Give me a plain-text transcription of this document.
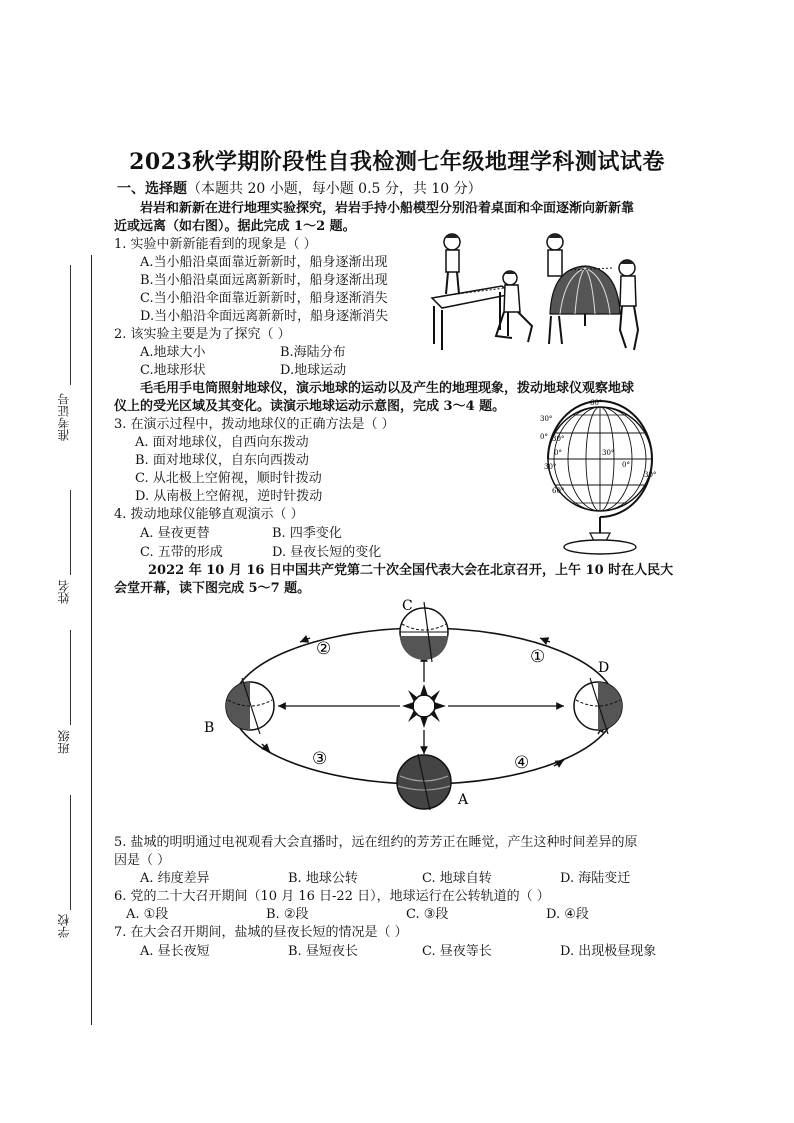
准考证号
姓名
班级
学校
2023秋学期阶段性自我检测七年级地理学科测试试卷
一、选择题（本题共 20 小题，每小题 0.5 分，共 10 分）
岩岩和新新在进行地理实验探究，岩岩手持小船模型分别沿着桌面和伞面逐渐向新新靠
近或远离（如右图）。据此完成 1～2 题。
1. 实验中新新能看到的现象是（ ）
A.当小船沿桌面靠近新新时，船身逐渐出现
B.当小船沿桌面远离新新时，船身逐渐出现
C.当小船沿伞面靠近新新时，船身逐渐消失
D.当小船沿伞面远离新新时，船身逐渐消失
2. 该实验主要是为了探究（ ）
A.地球大小	B.海陆分布
C.地球形状	D.地球运动
毛毛用手电筒照射地球仪，演示地球的运动以及产生的地理现象，拨动地球仪观察地球
仪上的受光区域及其变化。读演示地球运动示意图，完成 3～4 题。
3. 在演示过程中，拨动地球仪的正确方法是（ ）
A. 面对地球仪，自西向东拨动
B. 面对地球仪，自东向西拨动
C. 从北极上空俯视，顺时针拨动
D. 从南极上空俯视，逆时针拨动
60°
30°
30°
0°
0°	30°
0°
30°
30°
60°
4. 拨动地球仪能够直观演示（ ）
A. 昼夜更替	B. 四季变化
C. 五带的形成	D. 昼夜长短的变化
2022 年 10 月 16 日中国共产党第二十次全国代表大会在北京召开，上午 10 时在人民大
会堂开幕，读下图完成 5～7 题。
C
A
B
D
①
②
③	④
5. 盐城的明明通过电视观看大会直播时，远在纽约的芳芳正在睡觉，产生这种时间差异的原
因是（ ）
A. 纬度差异	B. 地球公转	C. 地球自转	D. 海陆变迁
6. 党的二十大召开期间（10 月 16 日-22 日），地球运行在公转轨道的（ ）
A. ①段	B. ②段	C. ③段	D. ④段
7. 在大会召开期间，盐城的昼夜长短的情况是（ ）
A. 昼长夜短	B. 昼短夜长	C. 昼夜等长	D. 出现极昼现象
